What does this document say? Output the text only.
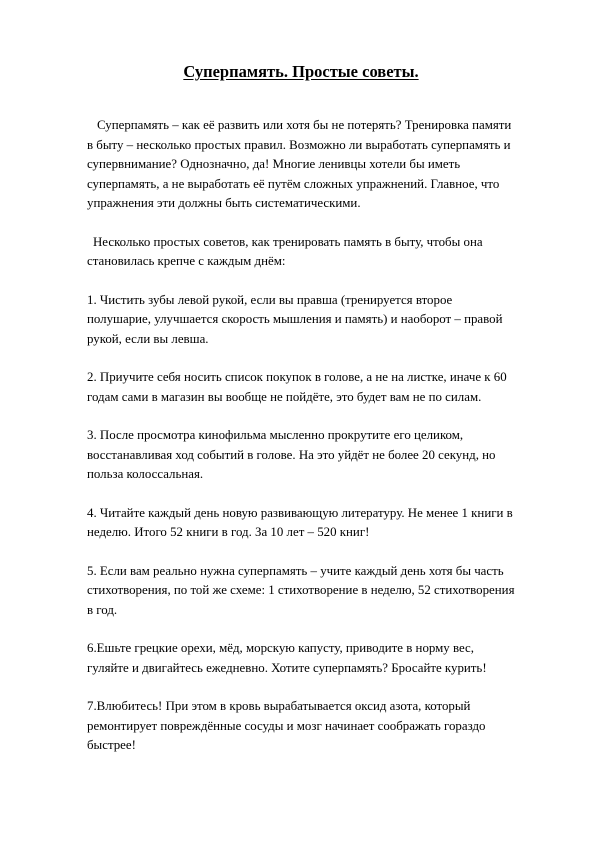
Суперпамять. Простые советы.

Суперпамять – как её развить или хотя бы не потерять? Тренировка памяти в быту – несколько простых правил. Возможно ли выработать суперпамять и супервнимание? Однозначно, да! Многие ленивцы хотели бы иметь суперпамять, а не выработать её путём сложных упражнений. Главное, что упражнения эти должны быть систематическими.

Несколько простых советов, как тренировать память в быту, чтобы она становилась крепче с каждым днём:

1. Чистить зубы левой рукой, если вы правша (тренируется второе полушарие, улучшается скорость мышления и память) и наоборот – правой рукой, если вы левша.

2. Приучите себя носить список покупок в голове, а не на листке, иначе к 60 годам сами в магазин вы вообще не пойдёте, это будет вам не по силам.

3. После просмотра кинофильма мысленно прокрутите его целиком, восстанавливая ход событий в голове. На это уйдёт не более 20 секунд, но польза колоссальная.

4. Читайте каждый день новую развивающую литературу. Не менее 1 книги в неделю. Итого 52 книги в год. За 10 лет – 520 книг!

5. Если вам реально нужна суперпамять – учите каждый день хотя бы часть стихотворения, по той же схеме: 1 стихотворение в неделю, 52 стихотворения в год.

6.Ешьте грецкие орехи, мёд, морскую капусту, приводите в норму вес, гуляйте и двигайтесь ежедневно. Хотите суперпамять? Бросайте курить!

7.Влюбитесь! При этом в кровь вырабатывается оксид азота, который ремонтирует повреждённые сосуды и мозг начинает соображать гораздо быстрее!
